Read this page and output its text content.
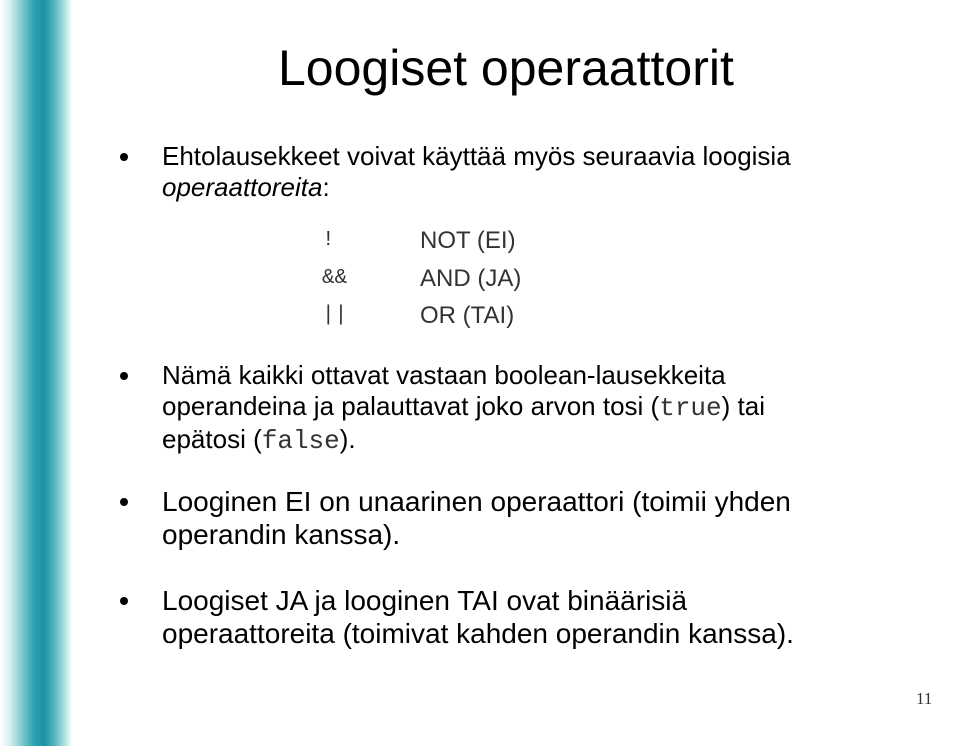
Loogiset operaattorit
Ehtolausekkeet voivat käyttää myös seuraavia loogisia
operaattoreita:
!	NOT (EI)
&&	AND (JA)
||	OR (TAI)
Nämä kaikki ottavat vastaan boolean-lausekkeita
operandeina ja palauttavat joko arvon tosi (true) tai
epätosi (false).
Looginen EI on unaarinen operaattori (toimii yhden
operandin kanssa).
Loogiset JA ja looginen TAI ovat binäärisiä
operaattoreita (toimivat kahden operandin kanssa).
11
